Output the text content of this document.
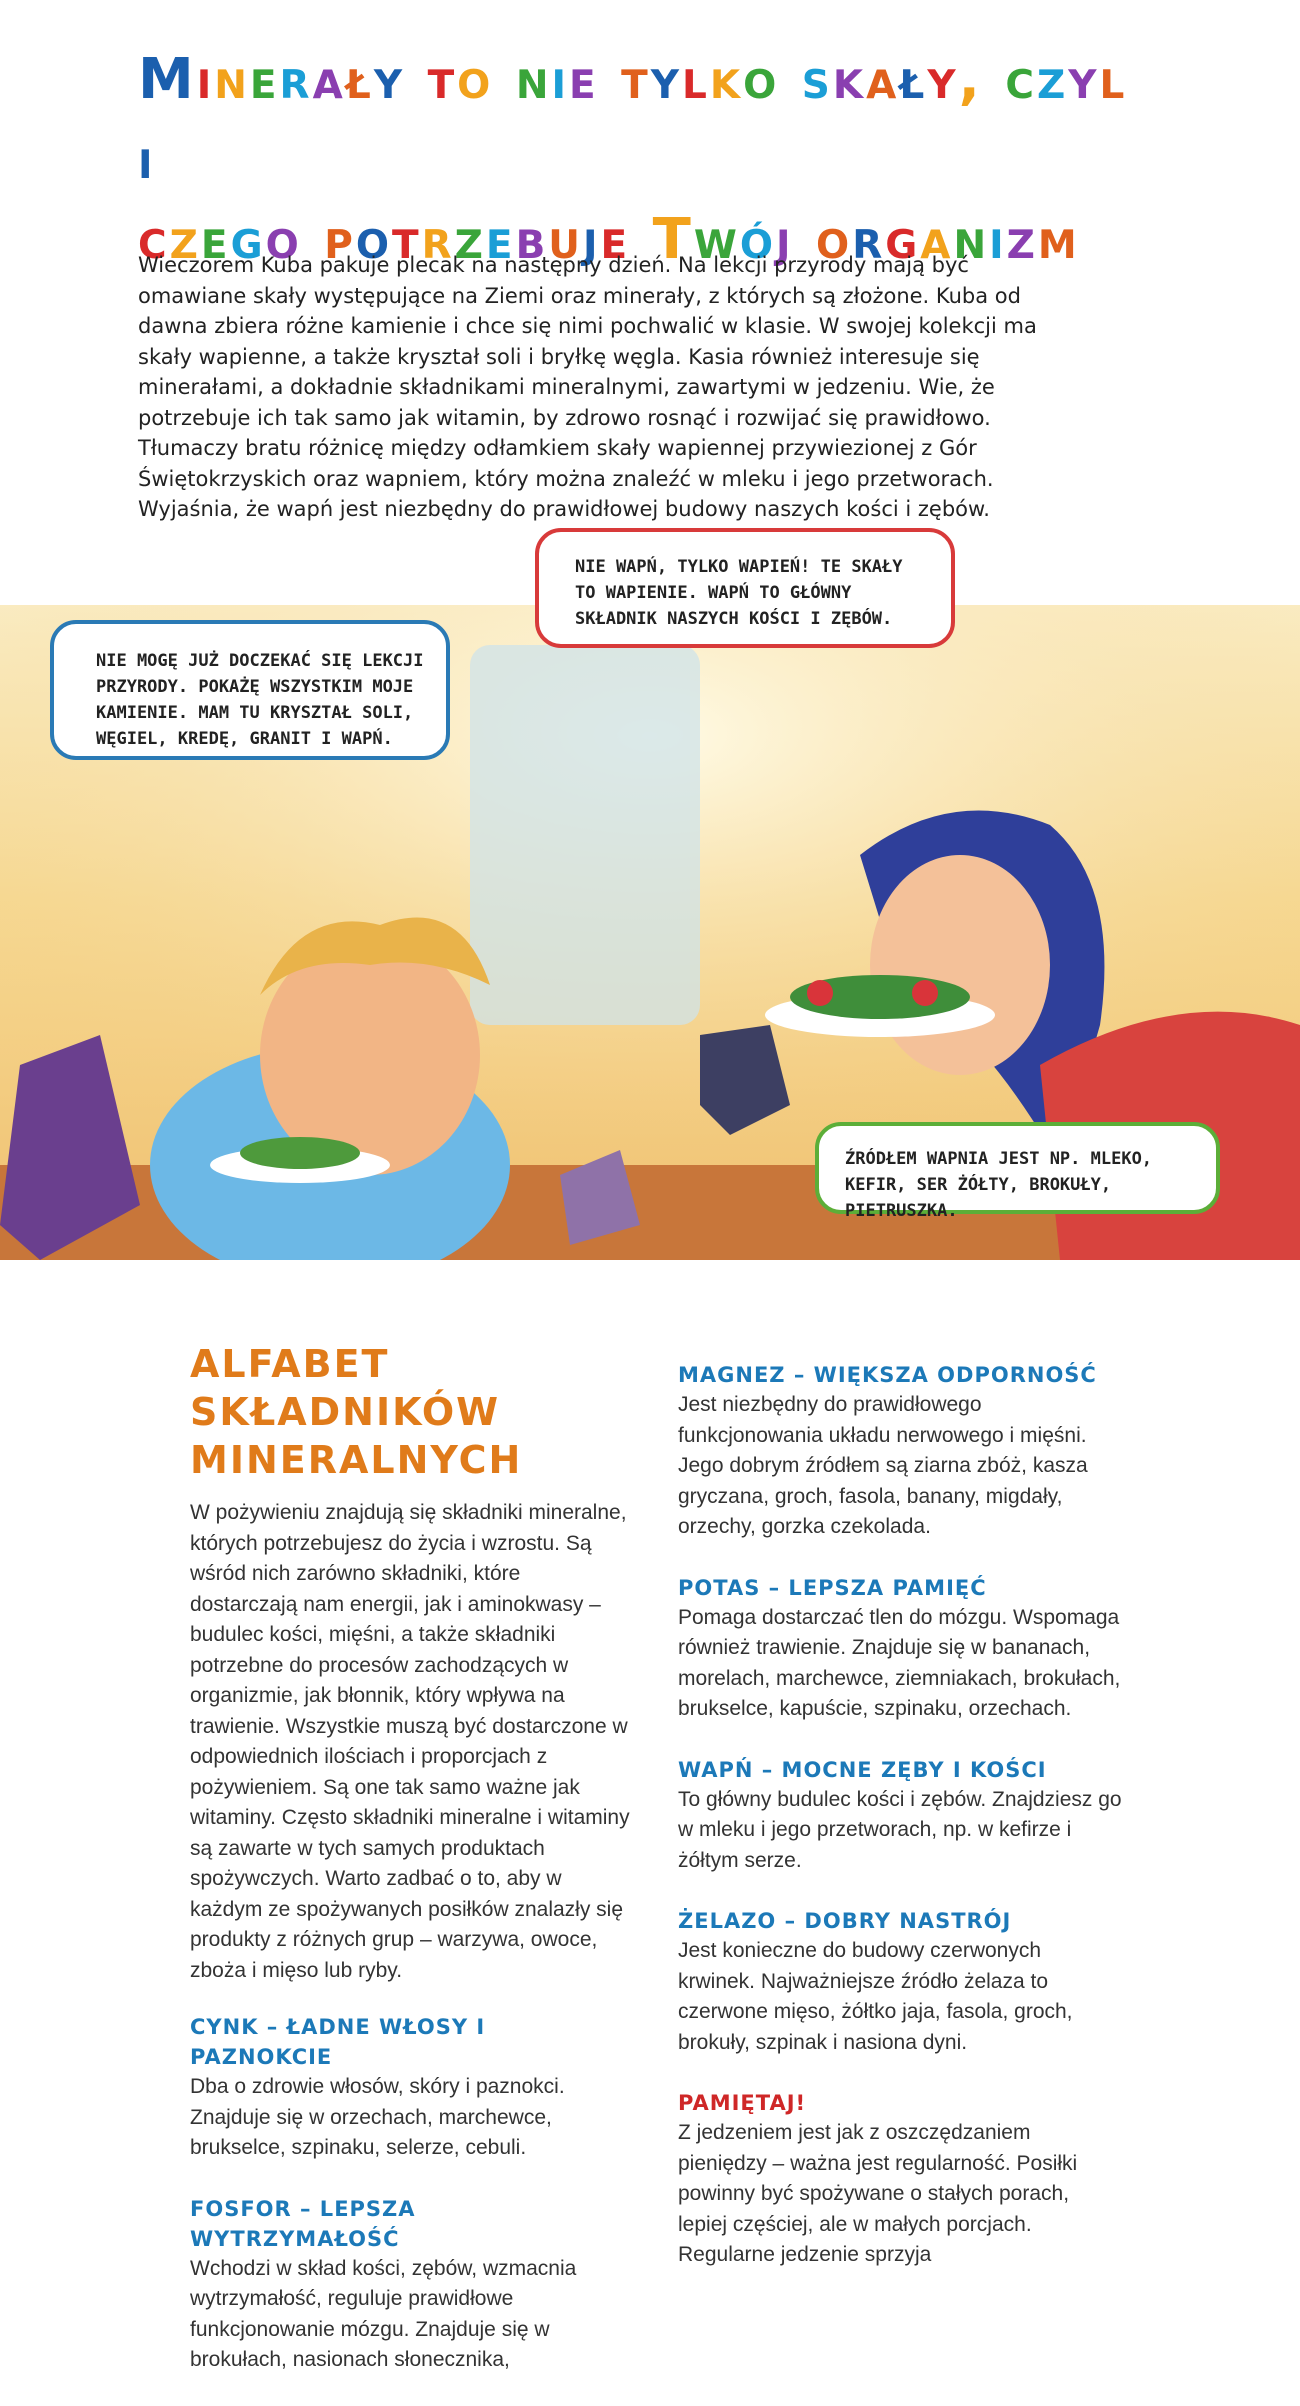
Minerały to nie tylko skały, czyli
czego potrzebuje Twój organizm

Wieczorem Kuba pakuje plecak na następny dzień. Na lekcji przyrody mają być omawiane skały występujące na Ziemi oraz minerały, z których są złożone. Kuba od dawna zbiera różne kamienie i chce się nimi pochwalić w klasie. W swojej kolekcji ma skały wapienne, a także kryształ soli i bryłkę węgla. Kasia również interesuje się minerałami, a dokładnie składnikami mineralnymi, zawartymi w jedzeniu. Wie, że potrzebuje ich tak samo jak witamin, by zdrowo rosnąć i rozwijać się prawidłowo. Tłumaczy bratu różnicę między odłamkiem skały wapiennej przywiezionej z Gór Świętokrzyskich oraz wapniem, który można znaleźć w mleku i jego przetworach. Wyjaśnia, że wapń jest niezbędny do prawidłowej budowy naszych kości i zębów.

NIE MOGĘ JUŻ DOCZEKAĆ SIĘ LEKCJI PRZYRODY. POKAŻĘ WSZYSTKIM MOJE KAMIENIE. MAM TU KRYSZTAŁ SOLI, WĘGIEL, KREDĘ, GRANIT I WAPŃ.
NIE WAPŃ, TYLKO WAPIEŃ! TE SKAŁY TO WAPIENIE. WAPŃ TO GŁÓWNY SKŁADNIK NASZYCH KOŚCI I ZĘBÓW.
ŹRÓDŁEM WAPNIA JEST NP. MLEKO, KEFIR, SER ŻÓŁTY, BROKUŁY, PIETRUSZKA.
ALFABET SKŁADNIKÓW MINERALNYCH

W pożywieniu znajdują się składniki mineralne, których potrzebujesz do życia i wzrostu. Są wśród nich zarówno składniki, które dostarczają nam energii, jak i aminokwasy – budulec kości, mięśni, a także składniki potrzebne do procesów zachodzących w organizmie, jak błonnik, który wpływa na trawienie. Wszystkie muszą być dostarczone w odpowiednich ilościach i proporcjach z pożywieniem. Są one tak samo ważne jak witaminy. Często składniki mineralne i witaminy są zawarte w tych samych produktach spożywczych. Warto zadbać o to, aby w każdym ze spożywanych posiłków znalazły się produkty z różnych grup – warzywa, owoce, zboża i mięso lub ryby.

CYNK – ŁADNE WŁOSY I PAZNOKCIE

Dba o zdrowie włosów, skóry i paznokci. Znajduje się w orzechach, marchewce, brukselce, szpinaku, selerze, cebuli.

FOSFOR – LEPSZA WYTRZYMAŁOŚĆ

Wchodzi w skład kości, zębów, wzmacnia wytrzymałość, reguluje prawidłowe funkcjonowanie mózgu. Znajduje się w brokułach, nasionach słonecznika,

MAGNEZ – WIĘKSZA ODPORNOŚĆ

Jest niezbędny do prawidłowego funkcjonowania układu nerwowego i mięśni. Jego dobrym źródłem są ziarna zbóż, kasza gryczana, groch, fasola, banany, migdały, orzechy, gorzka czekolada.

POTAS – LEPSZA PAMIĘĆ

Pomaga dostarczać tlen do mózgu. Wspomaga również trawienie. Znajduje się w bananach, morelach, marchewce, ziemniakach, brokułach, brukselce, kapuście, szpinaku, orzechach.

WAPŃ – MOCNE ZĘBY I KOŚCI

To główny budulec kości i zębów. Znajdziesz go w mleku i jego przetworach, np. w kefirze i żółtym serze.

ŻELAZO – DOBRY NASTRÓJ

Jest konieczne do budowy czerwonych krwinek. Najważniejsze źródło żelaza to czerwone mięso, żółtko jaja, fasola, groch, brokuły, szpinak i nasiona dyni.

PAMIĘTAJ!

Z jedzeniem jest jak z oszczędzaniem pieniędzy – ważna jest regularność. Posiłki powinny być spożywane o stałych porach, lepiej częściej, ale w małych porcjach. Regularne jedzenie sprzyja
